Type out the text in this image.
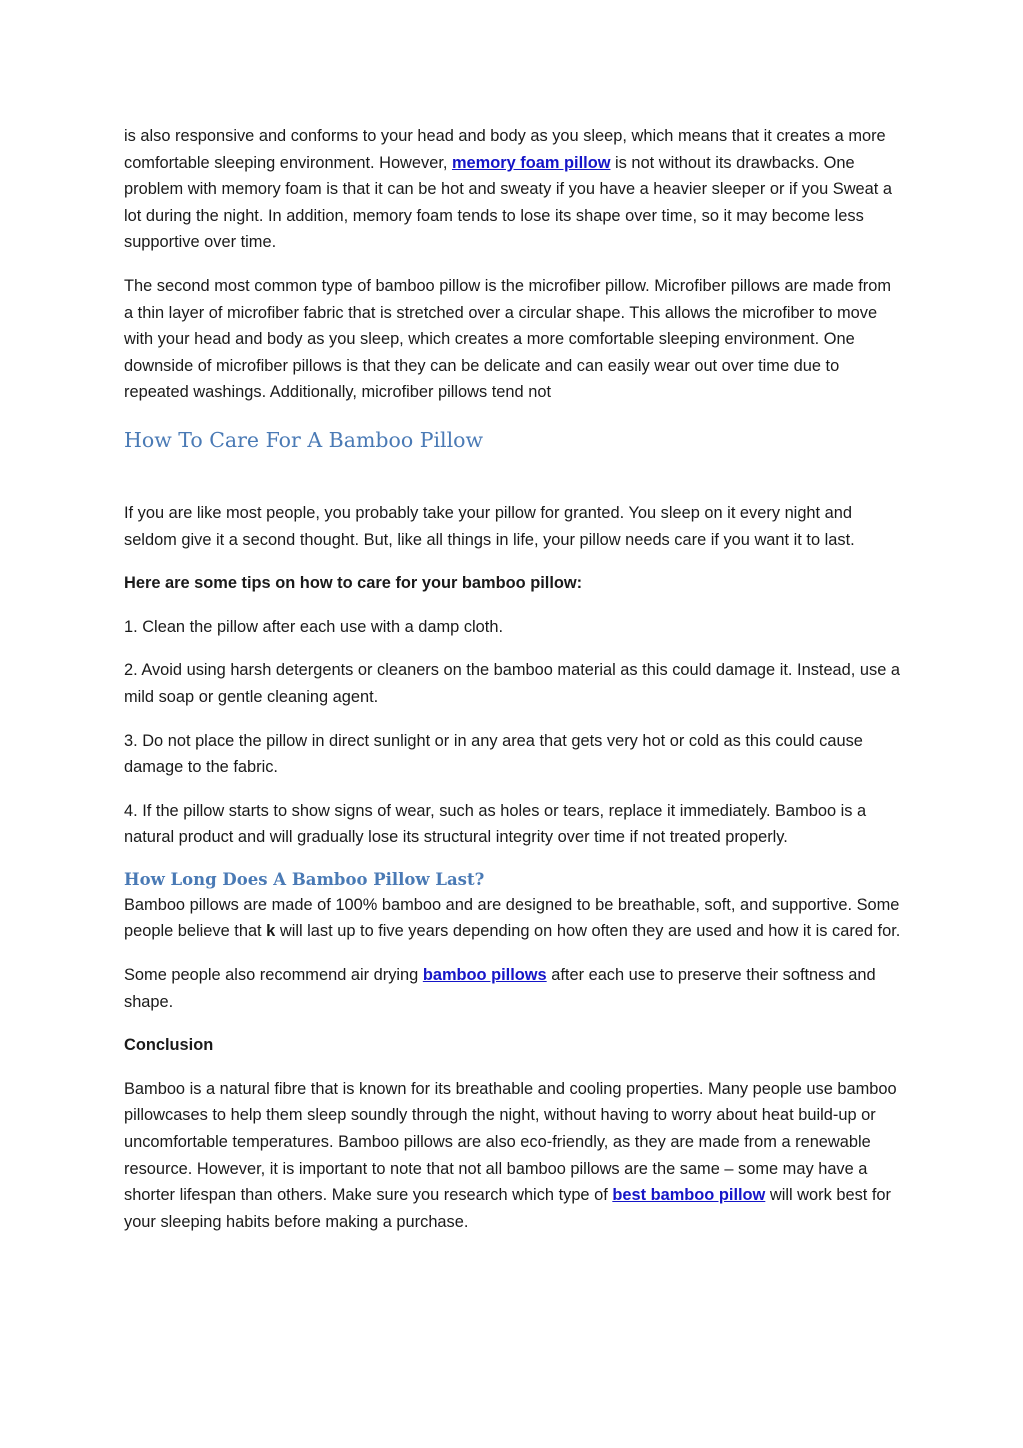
is also responsive and conforms to your head and body as you sleep, which means that it creates a more comfortable sleeping environment. However, memory foam pillow is not without its drawbacks. One problem with memory foam is that it can be hot and sweaty if you have a heavier sleeper or if you Sweat a lot during the night. In addition, memory foam tends to lose its shape over time, so it may become less supportive over time.

The second most common type of bamboo pillow is the microfiber pillow. Microfiber pillows are made from a thin layer of microfiber fabric that is stretched over a circular shape. This allows the microfiber to move with your head and body as you sleep, which creates a more comfortable sleeping environment. One downside of microfiber pillows is that they can be delicate and can easily wear out over time due to repeated washings. Additionally, microfiber pillows tend not

How To Care For A Bamboo Pillow

If you are like most people, you probably take your pillow for granted. You sleep on it every night and seldom give it a second thought. But, like all things in life, your pillow needs care if you want it to last.

Here are some tips on how to care for your bamboo pillow:

1. Clean the pillow after each use with a damp cloth.

2. Avoid using harsh detergents or cleaners on the bamboo material as this could damage it. Instead, use a mild soap or gentle cleaning agent.

3. Do not place the pillow in direct sunlight or in any area that gets very hot or cold as this could cause damage to the fabric.

4. If the pillow starts to show signs of wear, such as holes or tears, replace it immediately. Bamboo is a natural product and will gradually lose its structural integrity over time if not treated properly.

How Long Does A Bamboo Pillow Last?

Bamboo pillows are made of 100% bamboo and are designed to be breathable, soft, and supportive. Some people believe that k will last up to five years depending on how often they are used and how it is cared for.

Some people also recommend air drying bamboo pillows after each use to preserve their softness and shape.

Conclusion

Bamboo is a natural fibre that is known for its breathable and cooling properties. Many people use bamboo pillowcases to help them sleep soundly through the night, without having to worry about heat build-up or uncomfortable temperatures. Bamboo pillows are also eco-friendly, as they are made from a renewable resource. However, it is important to note that not all bamboo pillows are the same – some may have a shorter lifespan than others. Make sure you research which type of best bamboo pillow will work best for your sleeping habits before making a purchase.
